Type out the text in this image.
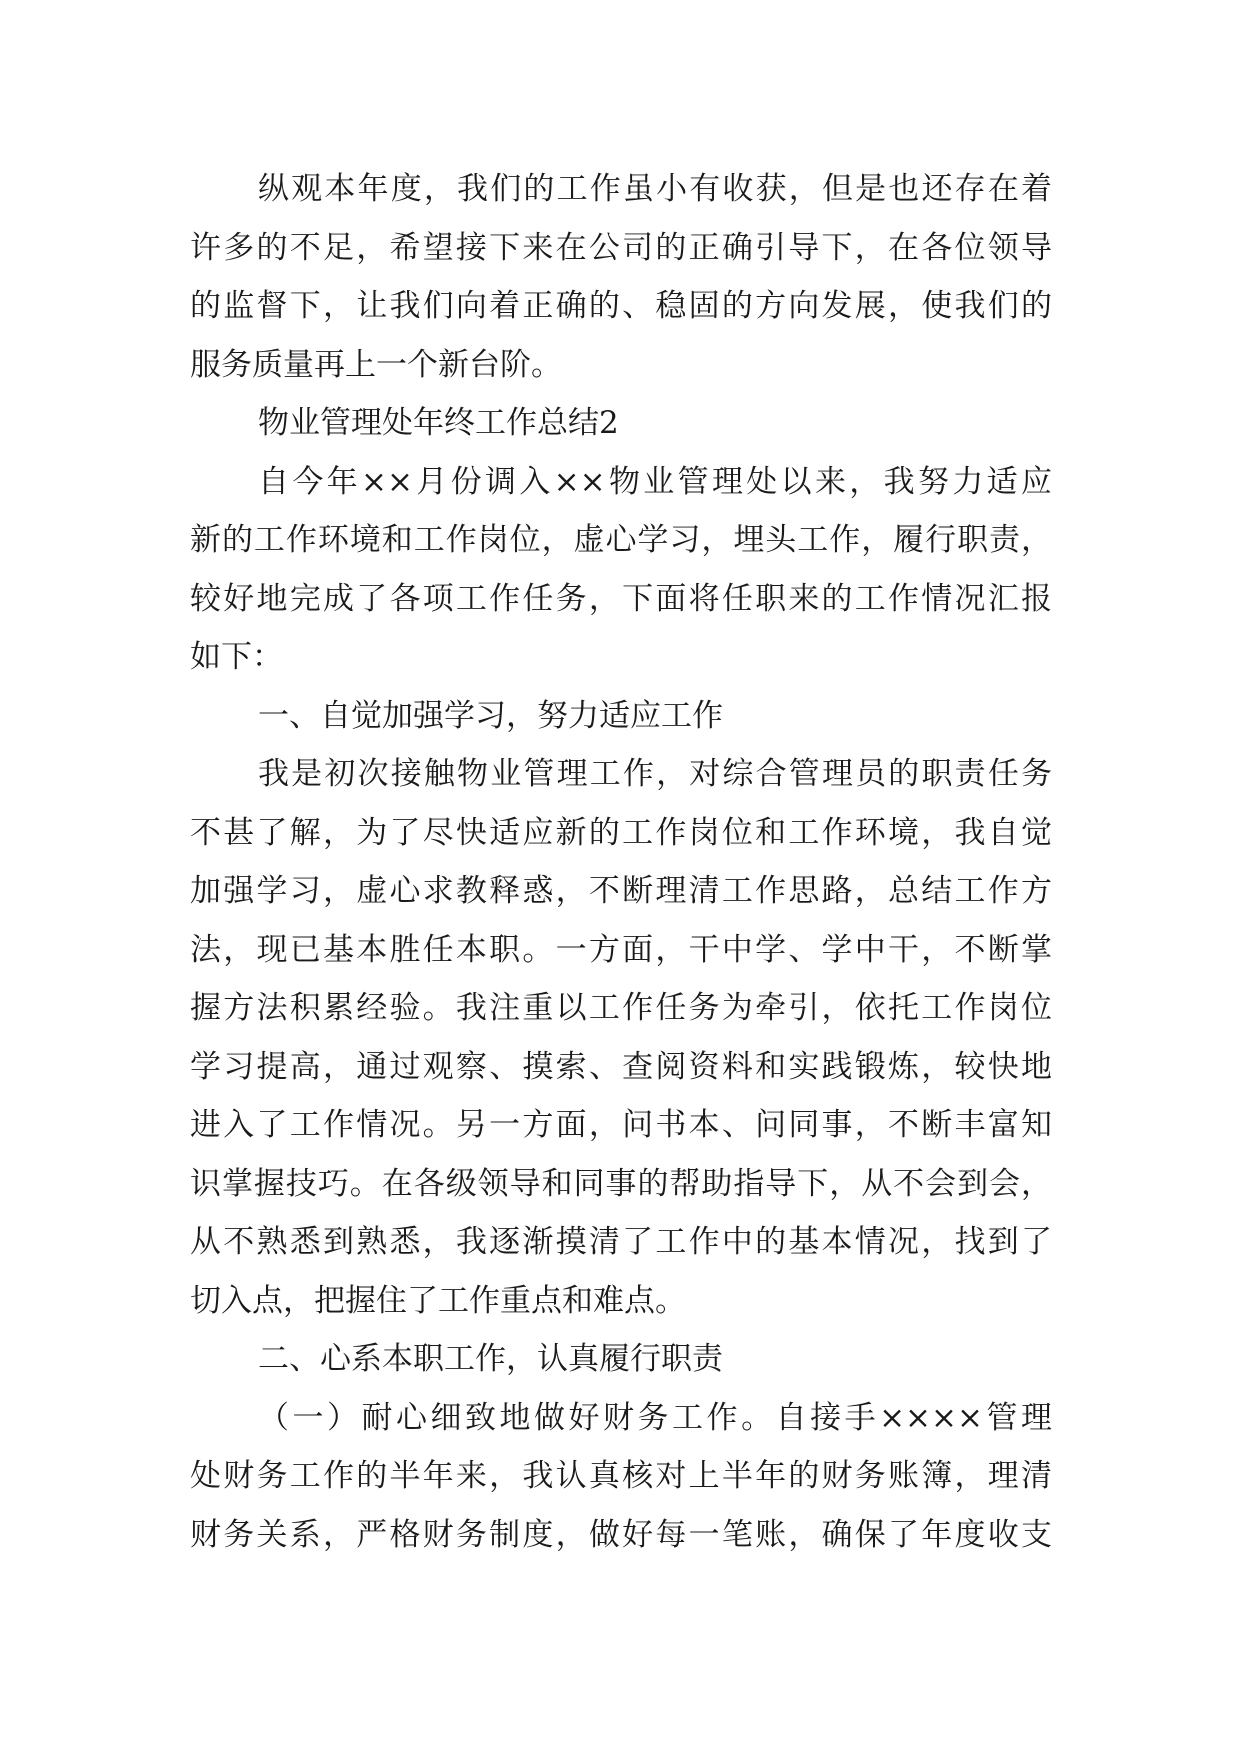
纵观本年度，我们的工作虽小有收获，但是也还存在着
许多的不足，希望接下来在公司的正确引导下，在各位领导
的监督下，让我们向着正确的、稳固的方向发展，使我们的
服务质量再上一个新台阶。
物业管理处年终工作总结2
自今年××月份调入××物业管理处以来，我努力适应
新的工作环境和工作岗位，虚心学习，埋头工作，履行职责，
较好地完成了各项工作任务，下面将任职来的工作情况汇报
如下：
一、自觉加强学习，努力适应工作
我是初次接触物业管理工作，对综合管理员的职责任务
不甚了解，为了尽快适应新的工作岗位和工作环境，我自觉
加强学习，虚心求教释惑，不断理清工作思路，总结工作方
法，现已基本胜任本职。一方面，干中学、学中干，不断掌
握方法积累经验。我注重以工作任务为牵引，依托工作岗位
学习提高，通过观察、摸索、查阅资料和实践锻炼，较快地
进入了工作情况。另一方面，问书本、问同事，不断丰富知
识掌握技巧。在各级领导和同事的帮助指导下，从不会到会，
从不熟悉到熟悉，我逐渐摸清了工作中的基本情况，找到了
切入点，把握住了工作重点和难点。
二、心系本职工作，认真履行职责
（一）耐心细致地做好财务工作。自接手××××管理
处财务工作的半年来，我认真核对上半年的财务账簿，理清
财务关系，严格财务制度，做好每一笔账，确保了年度收支
